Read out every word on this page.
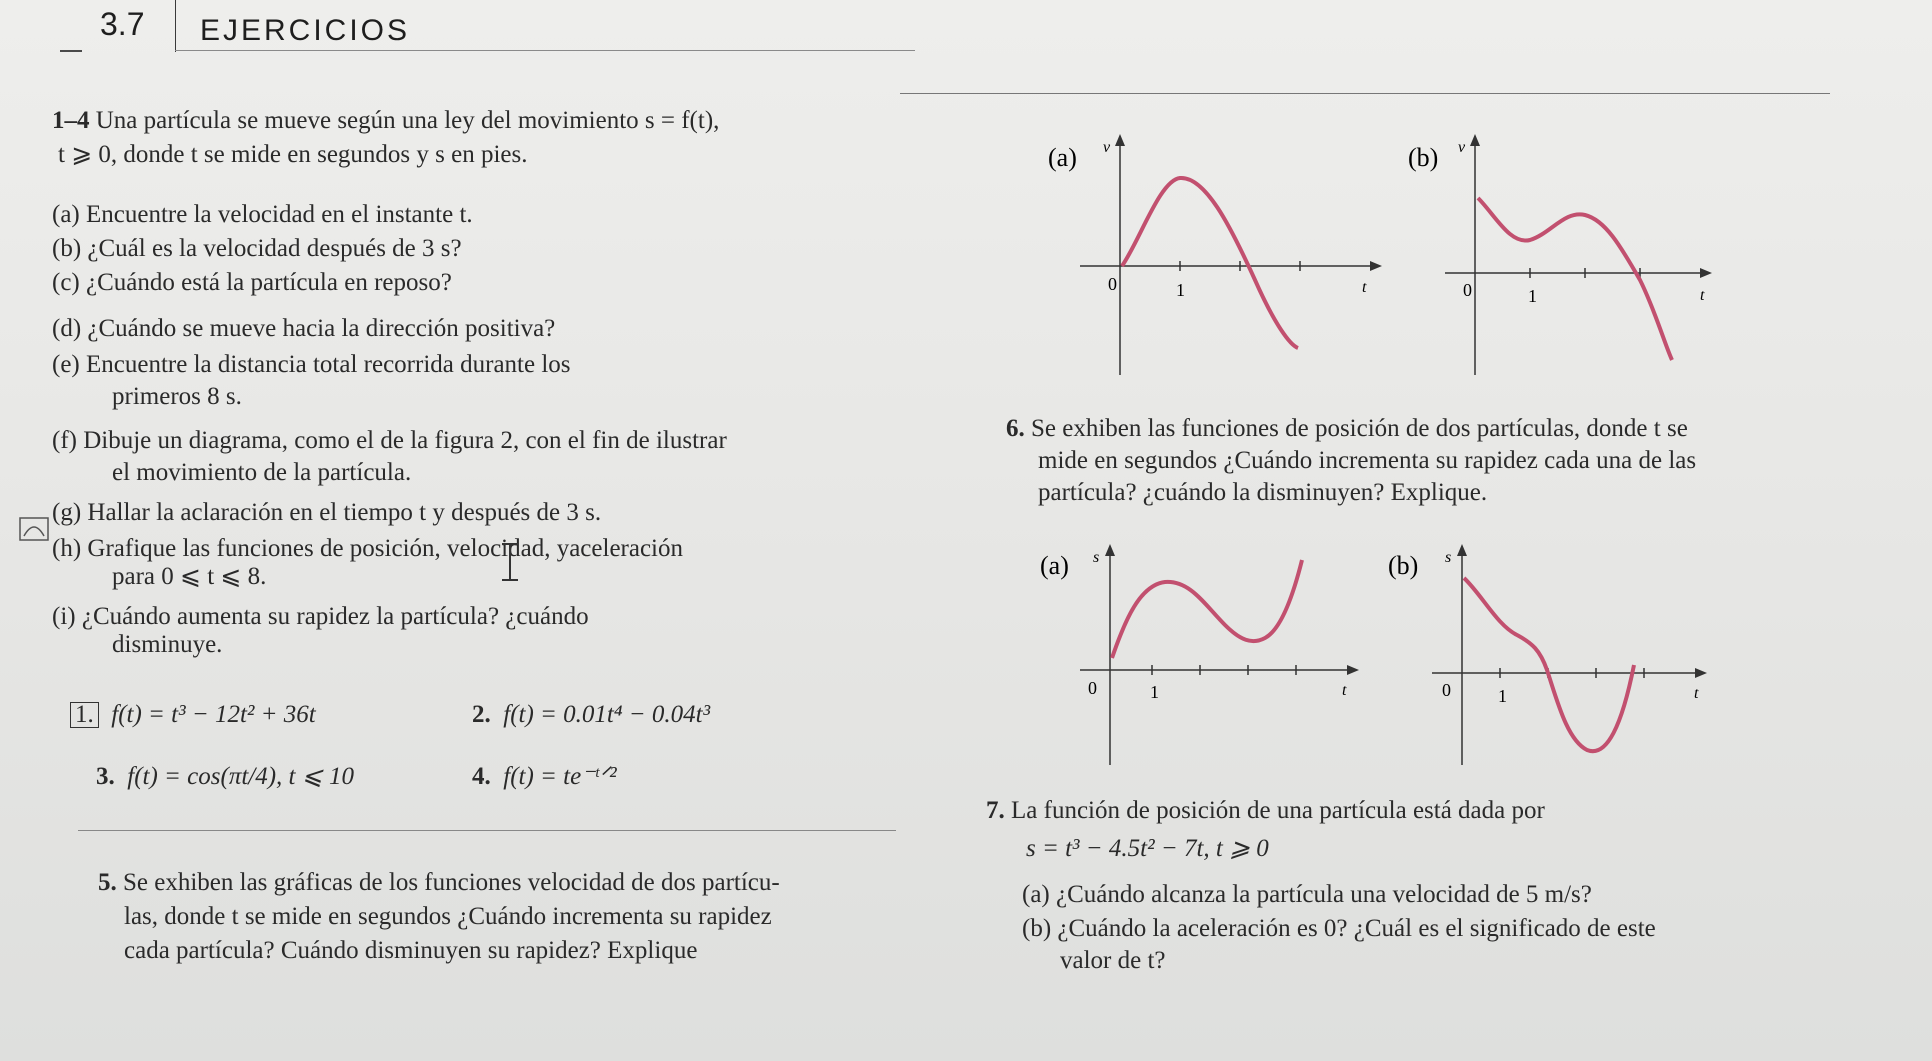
3.7 EJERCICIOS
1–4 Una partícula se mueve según una ley del movimiento s = f(t),
t ⩾ 0, donde t se mide en segundos y s en pies.
(a) Encuentre la velocidad en el instante t.
(b) ¿Cuál es la velocidad después de 3 s?
(c) ¿Cuándo está la partícula en reposo?
(d) ¿Cuándo se mueve hacia la dirección positiva?
(e) Encuentre la distancia total recorrida durante los
primeros 8 s.
(f) Dibuje un diagrama, como el de la figura 2, con el fin de ilustrar
el movimiento de la partícula.
(g) Hallar la aclaración en el tiempo t y después de 3 s.
(h) Grafique las funciones de posición, velocidad, yaceleración
para 0 ⩽ t ⩽ 8.
(i) ¿Cuándo aumenta su rapidez la partícula? ¿cuándo
disminuye.
1. f(t) = t³ − 12t² + 36t	2. f(t) = 0.01t⁴ − 0.04t³
3. f(t) = cos(πt/4), t ⩽ 10	4. f(t) = te⁻ᵗᐟ²
5. Se exhiben las gráficas de los funciones velocidad de dos partícu-
las, donde t se mide en segundos ¿Cuándo incrementa su rapidez
cada partícula? Cuándo disminuyen su rapidez? Explique
6. Se exhiben las funciones de posición de dos partículas, donde t se
mide en segundos ¿Cuándo incrementa su rapidez cada una de las
partícula? ¿cuándo la disminuyen? Explique.
7. La función de posición de una partícula está dada por
s = t³ − 4.5t² − 7t, t ⩾ 0
(a) ¿Cuándo alcanza la partícula una velocidad de 5 m/s?
(b) ¿Cuándo la aceleración es 0? ¿Cuál es el significado de este
valor de t?
(a) v
t
0	1
(b) v
t
0	1
(a) s
t
0	1
(b) s
t
0	1
